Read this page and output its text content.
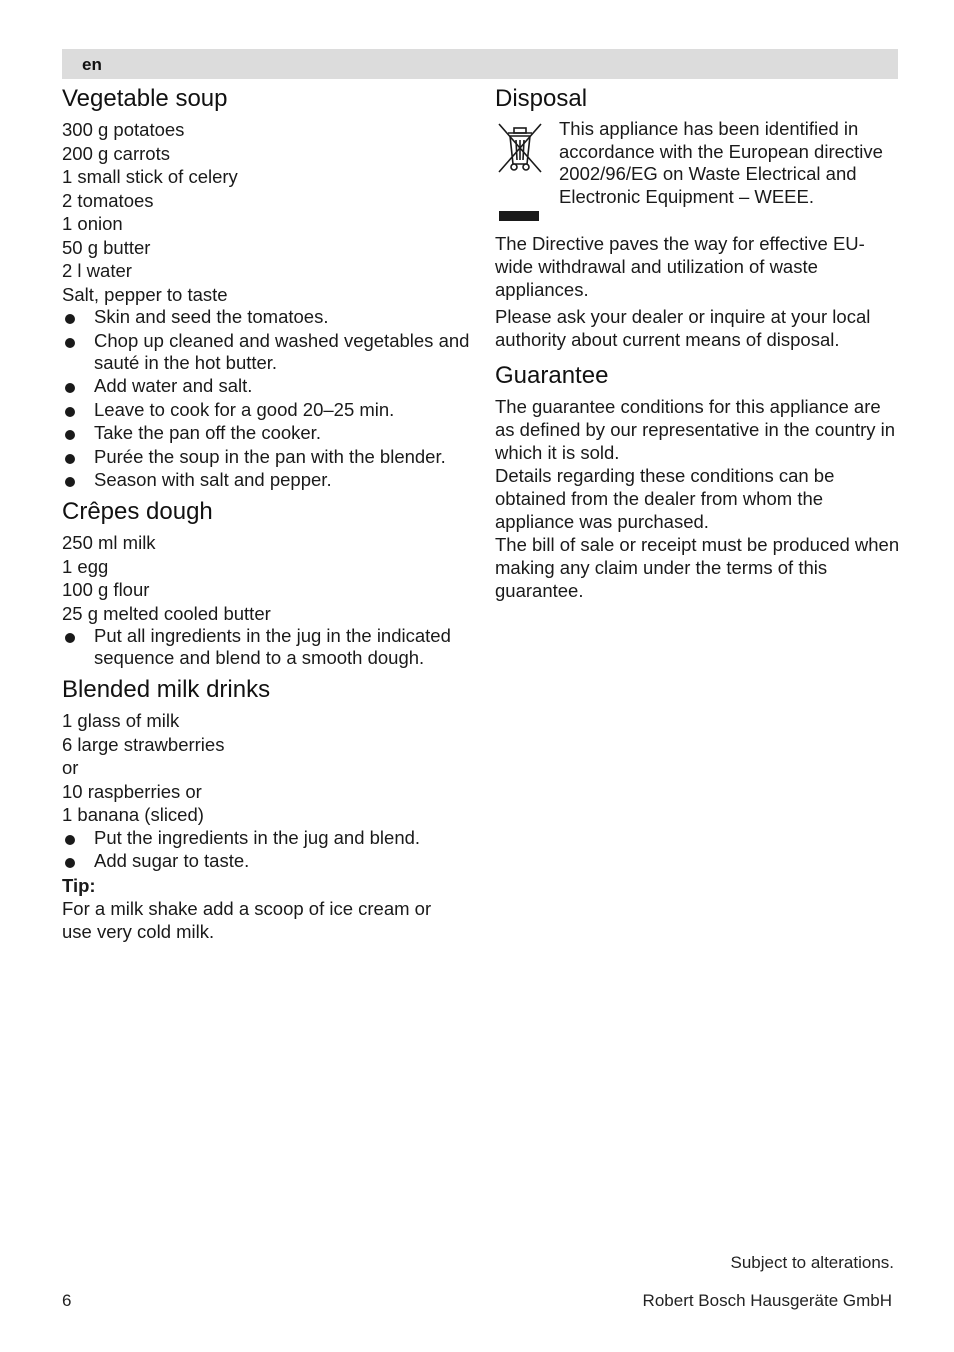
en
Vegetable soup

300 g potatoes

200 g carrots

1 small stick of celery

2 tomatoes

1 onion

50 g butter

2 l water

Salt, pepper to taste

Skin and seed the tomatoes.
Chop up cleaned and washed vegetables and sauté in the hot butter.
Add water and salt.
Leave to cook for a good 20–25 min.
Take the pan off the cooker.
Purée the soup in the pan with the blender.
Season with salt and pepper.
Crêpes dough

250 ml milk

1 egg

100 g flour

25 g melted cooled butter

Put all ingredients in the jug in the indicated sequence and blend to a smooth dough.
Blended milk drinks

1 glass of milk

6 large strawberries

or

10 raspberries or

1 banana (sliced)

Put the ingredients in the jug and blend.
Add sugar to taste.
Tip:
For a milk shake add a scoop of ice cream or use very cold milk.
Disposal
This appliance has been identified in accordance with the European directive 2002/96/EG on Waste Electrical and Electronic Equipment – WEEE.

The Directive paves the way for effective EU-wide withdrawal and utilization of waste appliances.

Please ask your dealer or inquire at your local authority about current means of disposal.

Guarantee

The guarantee conditions for this appliance are as defined by our representative in the country in which it is sold.

Details regarding these conditions can be obtained from the dealer from whom the appliance was purchased.

The bill of sale or receipt must be produced when making any claim under the terms of this guarantee.

Subject to alterations.
6	Robert Bosch Hausgeräte GmbH
